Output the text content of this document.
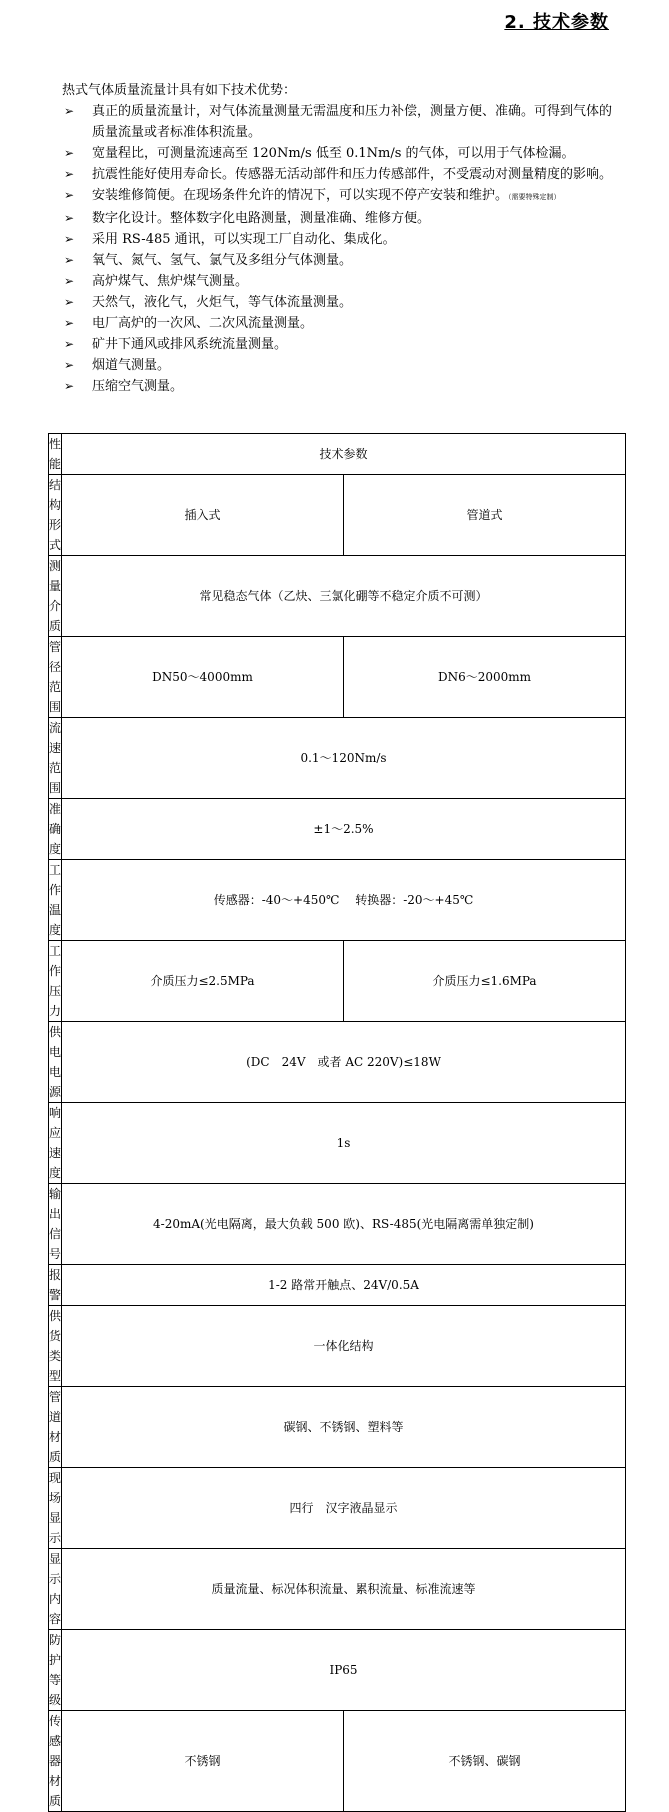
2. 技术参数
热式气体质量流量计具有如下技术优势：
➢ 真正的质量流量计，对气体流量测量无需温度和压力补偿，测量方便、准确。可得到气体的质量流量或者标准体积流量。
➢ 宽量程比，可测量流速高至 120Nm/s 低至 0.1Nm/s 的气体，可以用于气体检漏。
➢ 抗震性能好使用寿命长。传感器无活动部件和压力传感部件，不受震动对测量精度的影响。
➢ 安装维修简便。在现场条件允许的情况下，可以实现不停产安装和维护。（需要特殊定制）
➢ 数字化设计。整体数字化电路测量，测量准确、维修方便。
➢ 采用 RS-485 通讯，可以实现工厂自动化、集成化。
➢ 氧气、氮气、氢气、氯气及多组分气体测量。
➢ 高炉煤气、焦炉煤气测量。
➢ 天然气，液化气，火炬气，等气体流量测量。
➢ 电厂高炉的一次风、二次风流量测量。
➢ 矿井下通风或排风系统流量测量。
➢ 烟道气测量。
➢ 压缩空气测量。
性能	技术参数	
结构形式	插入式	管道式
测量介质	常见稳态气体（乙炔、三氯化硼等不稳定介质不可测）	
管径范围	DN50～4000mm	DN6～2000mm
流速范围	0.1～120Nm/s	
准确度	±1～2.5%	
工作温度	传感器：-40～+450℃　 转换器：-20～+45℃	
工作压力	介质压力≤2.5MPa	介质压力≤1.6MPa
供电电源	(DC　24V　或者 AC 220V)≤18W	
响应速度	1s	
输出信号	4-20mA(光电隔离，最大负载 500 欧)、RS-485(光电隔离需单独定制)	
报警	1-2 路常开触点、24V/0.5A	
供货类型	一体化结构	
管道材质	碳钢、不锈钢、塑料等	
现场显示	四行　汉字液晶显示	
显示内容	质量流量、标况体积流量、累积流量、标准流速等	
防护等级	IP65	
传感器材质	不锈钢	不锈钢、碳钢
